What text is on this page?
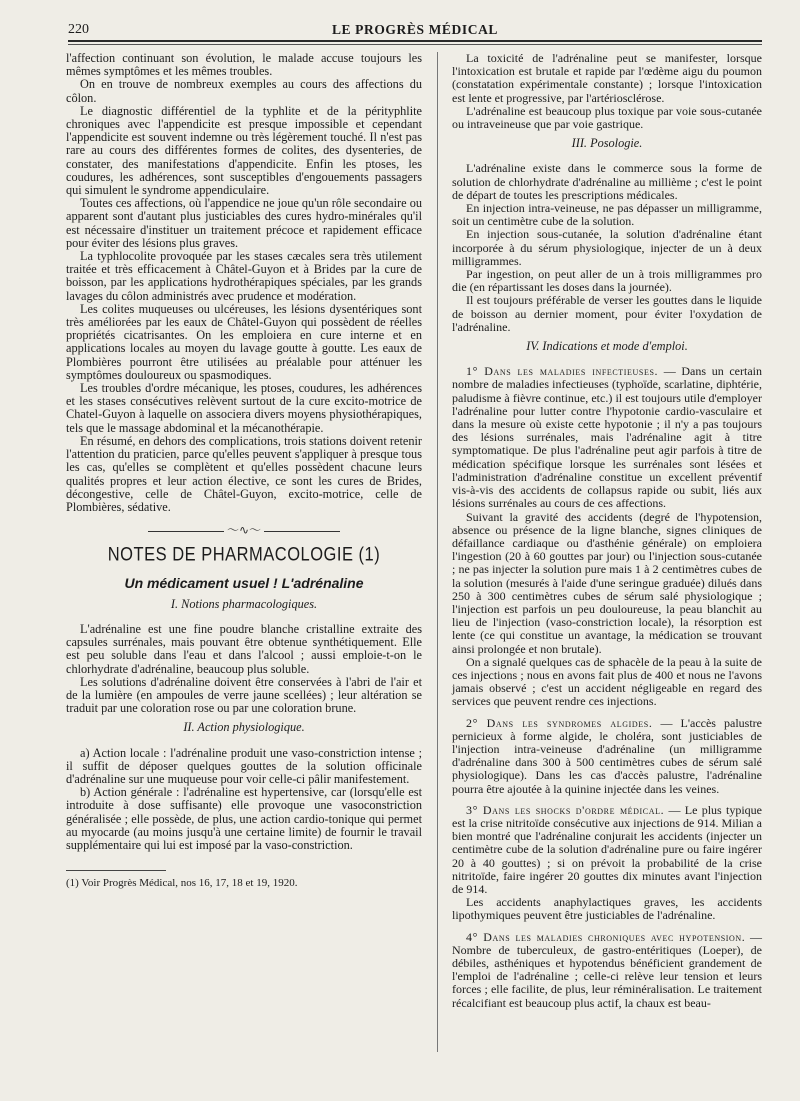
220	LE PROGRÈS MÉDICAL

l'affection continuant son évolution, le malade accuse toujours les mêmes symptômes et les mêmes troubles.

On en trouve de nombreux exemples au cours des affections du côlon.

Le diagnostic différentiel de la typhlite et de la pérityphlite chroniques avec l'appendicite est presque impossible et cependant l'appendicite est souvent indemne ou très légèrement touché. Il n'est pas rare au cours des différentes formes de colites, des dysenteries, de constater, des manifestations d'appendicite. Enfin les ptoses, les coudures, les adhérences, sont susceptibles d'engouements passagers qui simulent le syndrome appendiculaire.

Toutes ces affections, où l'appendice ne joue qu'un rôle secondaire ou apparent sont d'autant plus justiciables des cures hydro-minérales qu'il est nécessaire d'instituer un traitement précoce et rapidement efficace pour éviter des lésions plus graves.

La typhlocolite provoquée par les stases cæcales sera très utilement traitée et très efficacement à Châtel-Guyon et à Brides par la cure de boisson, par les applications hydrothérapiques spéciales, par les grands lavages du côlon administrés avec prudence et modération.

Les colites muqueuses ou ulcéreuses, les lésions dysentériques sont très améliorées par les eaux de Châtel-Guyon qui possèdent de réelles propriétés cicatrisantes. On les emploiera en cure interne et en applications locales au moyen du lavage goutte à goutte. Les eaux de Plombières pourront être utilisées au préalable pour atténuer les symptômes douloureux ou spasmodiques.

Les troubles d'ordre mécanique, les ptoses, coudures, les adhérences et les stases consécutives relèvent surtout de la cure excito-motrice de Chatel-Guyon à laquelle on associera divers moyens physiothérapiques, tels que le massage abdominal et la mécanothérapie.

En résumé, en dehors des complications, trois stations doivent retenir l'attention du praticien, parce qu'elles peuvent s'appliquer à presque tous les cas, qu'elles se complètent et qu'elles possèdent chacune leurs qualités propres et leur action élective, ce sont les cures de Brides, décongestive, celle de Châtel-Guyon, excito-motrice, celle de Plombières, sédative.

〜∿〜
NOTES DE PHARMACOLOGIE (1)
Un médicament usuel ! L'adrénaline
I. Notions pharmacologiques.

L'adrénaline est une fine poudre blanche cristalline extraite des capsules surrénales, mais pouvant être obtenue synthétiquement. Elle est peu soluble dans l'eau et dans l'alcool ; aussi emploie-t-on le chlorhydrate d'adrénaline, beaucoup plus soluble.

Les solutions d'adrénaline doivent être conservées à l'abri de l'air et de la lumière (en ampoules de verre jaune scellées) ; leur altération se traduit par une coloration rose ou par une coloration brune.

II. Action physiologique.

a) Action locale : l'adrénaline produit une vaso-constriction intense ; il suffit de déposer quelques gouttes de la solution officinale d'adrénaline sur une muqueuse pour voir celle-ci pâlir manifestement.

b) Action générale : l'adrénaline est hypertensive, car (lorsqu'elle est introduite à dose suffisante) elle provoque une vasoconstriction généralisée ; elle possède, de plus, une action cardio-tonique qui permet au myocarde (au moins jusqu'à une certaine limite) de fournir le travail supplémentaire qui lui est imposé par la vaso-constriction.

(1) Voir Progrès Médical, nos 16, 17, 18 et 19, 1920.

La toxicité de l'adrénaline peut se manifester, lorsque l'intoxication est brutale et rapide par l'œdème aigu du poumon (constatation expérimentale constante) ; lorsque l'intoxication est lente et progressive, par l'artériosclérose.

L'adrénaline est beaucoup plus toxique par voie sous-cutanée ou intraveineuse que par voie gastrique.

III. Posologie.

L'adrénaline existe dans le commerce sous la forme de solution de chlorhydrate d'adrénaline au millième ; c'est le point de départ de toutes les prescriptions médicales.

En injection intra-veineuse, ne pas dépasser un milligramme, soit un centimètre cube de la solution.

En injection sous-cutanée, la solution d'adrénaline étant incorporée à du sérum physiologique, injecter de un à deux milligrammes.

Par ingestion, on peut aller de un à trois milligrammes pro die (en répartissant les doses dans la journée).

Il est toujours préférable de verser les gouttes dans le liquide de boisson au dernier moment, pour éviter l'oxydation de l'adrénaline.

IV. Indications et mode d'emploi.

1° Dans les maladies infectieuses. — Dans un certain nombre de maladies infectieuses (typhoïde, scarlatine, diphtérie, paludisme à fièvre continue, etc.) il est toujours utile d'employer l'adrénaline pour lutter contre l'hypotonie cardio-vasculaire et dans la mesure où existe cette hypotonie ; il n'y a pas toujours des lésions surrénales, mais l'adrénaline agit à titre symptomatique. De plus l'adrénaline peut agir parfois à titre de médication spécifique lorsque les surrénales sont lésées et l'administration d'adrénaline constitue un excellent préventif vis-à-vis des accidents de collapsus rapide ou subit, liés aux lésions surrénales au cours de ces affections.

Suivant la gravité des accidents (degré de l'hypotension, absence ou présence de la ligne blanche, signes cliniques de défaillance cardiaque ou d'asthénie générale) on emploiera l'ingestion (20 à 60 gouttes par jour) ou l'injection sous-cutanée ; ne pas injecter la solution pure mais 1 à 2 centimètres cubes de la solution (mesurés à l'aide d'une seringue graduée) dilués dans 250 à 300 centimètres cubes de sérum salé physiologique ; l'injection est parfois un peu douloureuse, la peau blanchit au lieu de l'injection (vaso-constriction locale), la résorption est lente (ce qui constitue un avantage, la médication se trouvant ainsi prolongée et non brutale).

On a signalé quelques cas de sphacèle de la peau à la suite de ces injections ; nous en avons fait plus de 400 et nous ne l'avons jamais observé ; c'est un accident négligeable en regard des services que peuvent rendre ces injections.

2° Dans les syndromes algides. — L'accès palustre pernicieux à forme algide, le choléra, sont justiciables de l'injection intra-veineuse d'adrénaline (un milligramme d'adrénaline dans 300 à 500 centimètres cubes de sérum salé physiologique). Dans les cas d'accès palustre, l'adrénaline pourra être ajoutée à la quinine injectée dans les veines.

3° Dans les shocks d'ordre médical. — Le plus typique est la crise nitritoïde consécutive aux injections de 914. Milian a bien montré que l'adrénaline conjurait les accidents (injecter un centimètre cube de la solution d'adrénaline pure ou faire ingérer 20 à 40 gouttes) ; si on prévoit la probabilité de la crise nitritoïde, faire ingérer 20 gouttes dix minutes avant l'injection de 914.

Les accidents anaphylactiques graves, les accidents lipothymiques peuvent être justiciables de l'adrénaline.

4° Dans les maladies chroniques avec hypotension. — Nombre de tuberculeux, de gastro-entéritiques (Loeper), de débiles, asthéniques et hypotendus bénéficient grandement de l'emploi de l'adrénaline ; celle-ci relève leur tension et leurs forces ; elle facilite, de plus, leur réminéralisation. Le traitement récalcifiant est beaucoup plus actif, la chaux est beau-
